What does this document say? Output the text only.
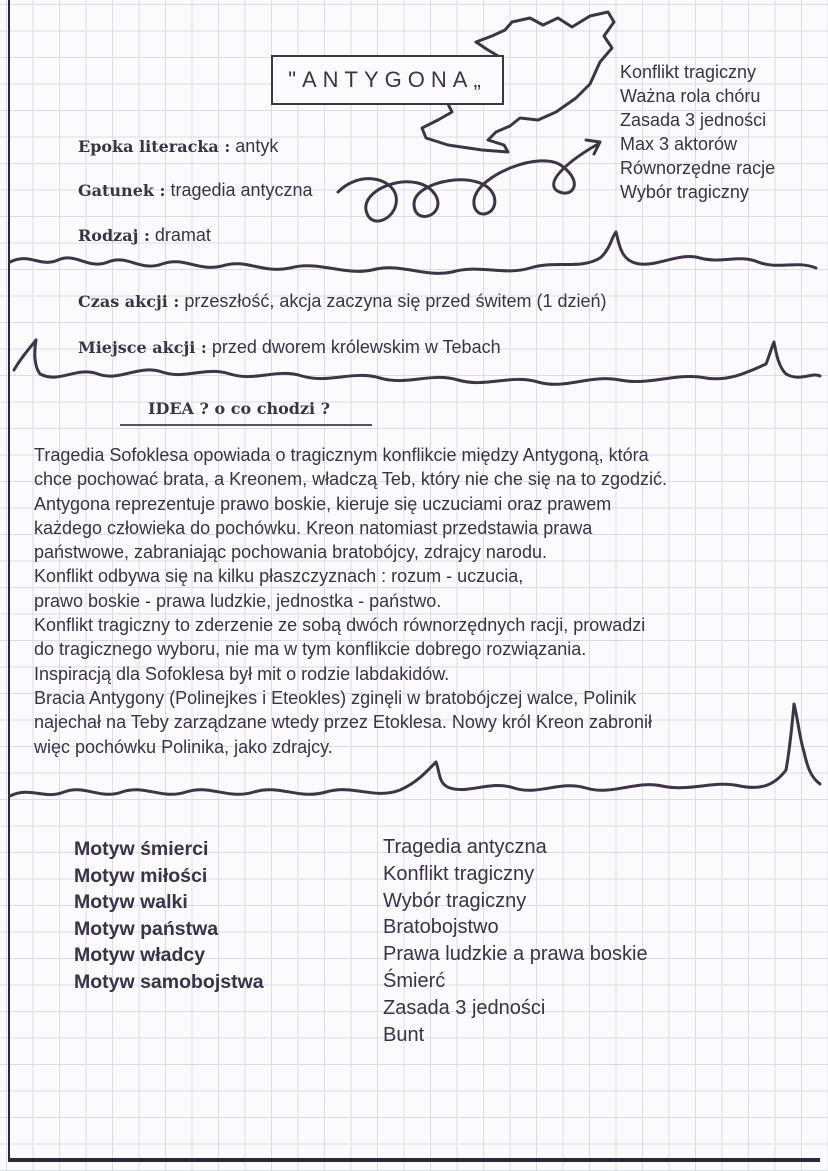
"ANTYGONA„	Konflikt tragiczny
Ważna rola chóru
Zasada 3 jedności
Max 3 aktorów
Równorzędne racje
Wybór tragiczny
Epoka literacka : antyk
Gatunek : tragedia antyczna
Rodzaj : dramat
Czas akcji : przeszłość, akcja zaczyna się przed świtem (1 dzień)
Miejsce akcji : przed dworem królewskim w Tebach
IDEA ? o co chodzi ?
Tragedia Sofoklesa opowiada o tragicznym konflikcie między Antygoną, która
chce pochować brata, a Kreonem, władczą Teb, który nie che się na to zgodzić.
Antygona reprezentuje prawo boskie, kieruje się uczuciami oraz prawem
każdego człowieka do pochówku. Kreon natomiast przedstawia prawa
państwowe, zabraniając pochowania bratobójcy, zdrajcy narodu.
Konflikt odbywa się na kilku płaszczyznach : rozum - uczucia,
prawo boskie - prawa ludzkie, jednostka - państwo.
Konflikt tragiczny to zderzenie ze sobą dwóch równorzędnych racji, prowadzi
do tragicznego wyboru, nie ma w tym konflikcie dobrego rozwiązania.
Inspiracją dla Sofoklesa był mit o rodzie labdakidów.
Bracia Antygony (Polinejkes i Eteokles) zginęli w bratobójczej walce, Polinik
najechał na Teby zarządzane wtedy przez Etoklesa. Nowy król Kreon zabronił
więc pochówku Polinika, jako zdrajcy.
Motyw śmierci
Motyw miłości
Motyw walki
Motyw państwa
Motyw władcy
Motyw samobojstwa
Tragedia antyczna
Konflikt tragiczny
Wybór tragiczny
Bratobojstwo
Prawa ludzkie a prawa boskie
Śmierć
Zasada 3 jedności
Bunt
